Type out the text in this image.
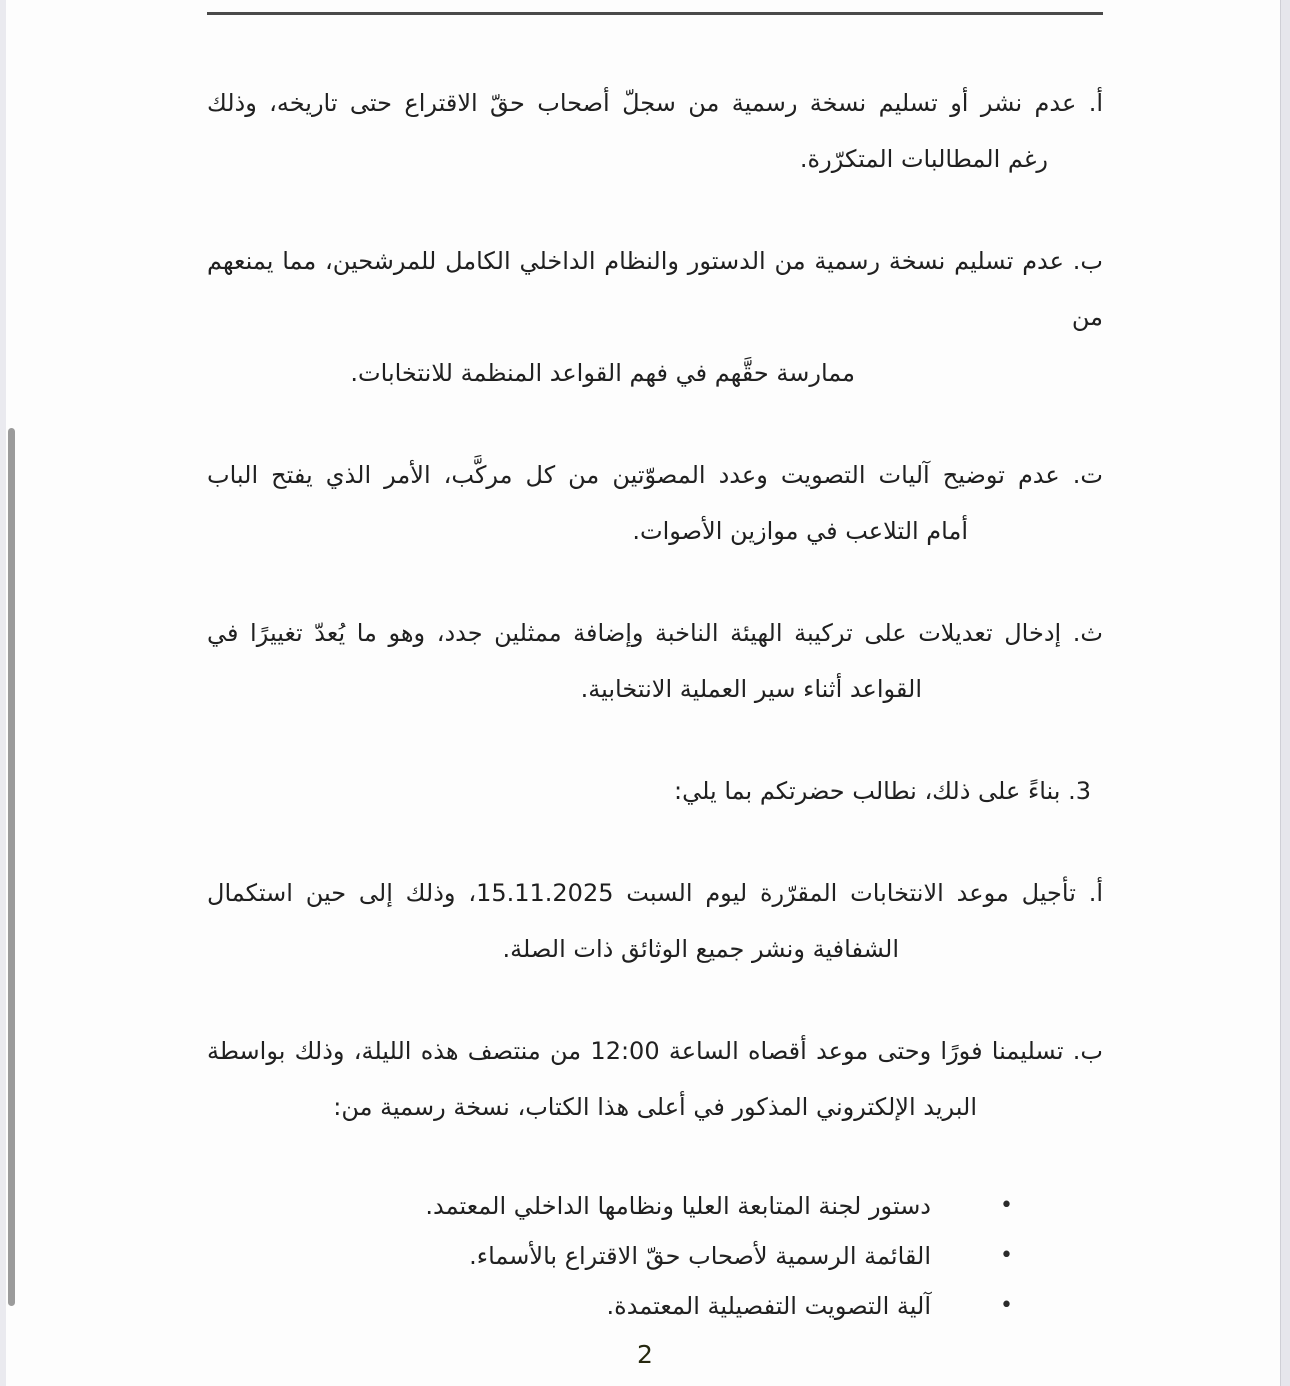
أ. عدم نشر أو تسليم نسخة رسمية من سجلّ أصحاب حقّ الاقتراع حتى تاريخه، وذلك
رغم المطالبات المتكرّرة.
ب. عدم تسليم نسخة رسمية من الدستور والنظام الداخلي الكامل للمرشحين، مما يمنعهم من
ممارسة حقَّهم في فهم القواعد المنظمة للانتخابات.
ت. عدم توضيح آليات التصويت وعدد المصوّتين من كل مركَّب، الأمر الذي يفتح الباب
أمام التلاعب في موازين الأصوات.
ث. إدخال تعديلات على تركيبة الهيئة الناخبة وإضافة ممثلين جدد، وهو ما يُعدّ تغييرًا في
القواعد أثناء سير العملية الانتخابية.
3. بناءً على ذلك، نطالب حضرتكم بما يلي:
أ. تأجيل موعد الانتخابات المقرّرة ليوم السبت 15.11.2025، وذلك إلى حين استكمال
الشفافية ونشر جميع الوثائق ذات الصلة.
ب. تسليمنا فورًا وحتى موعد أقصاه الساعة 12:00 من منتصف هذه الليلة، وذلك بواسطة
البريد الإلكتروني المذكور في أعلى هذا الكتاب، نسخة رسمية من:
•
دستور لجنة المتابعة العليا ونظامها الداخلي المعتمد.
•
القائمة الرسمية لأصحاب حقّ الاقتراع بالأسماء.
•
آلية التصويت التفصيلية المعتمدة.
2
